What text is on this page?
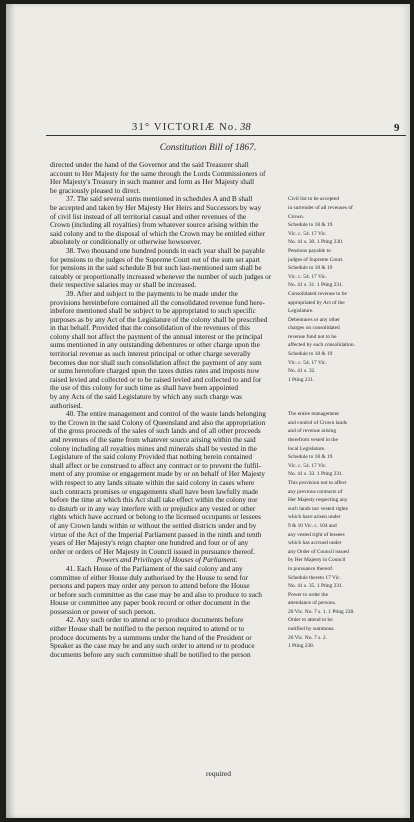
31° VICTORIÆ No. 38	9
Constitution Bill of 1867.
directed under the hand of the Governor and the said Treasurer shall
account to Her Majesty for the same through the Lords Commissioners of
Her Majesty's Treasury in such manner and form as Her Majesty shall
be graciously pleased to direct.
37. The said several sums mentioned in schedules A and B shall	Civil list to be accepted
be accepted and taken by Her Majesty Her Heirs and Successors by way	in surrender of all revenues of
of civil list instead of all territorial casual and other revenues of the	Crown.
Crown (including all royalties) from whatever source arising within the	Schedule to 18 & 19
said colony and to the disposal of which the Crown may be entitled either	Vic. c. 54. 17 Vic.
absolutely or conditionally or otherwise howsoever.	No. 41 s. 30. 1 Pting 230.
38. Two thousand one hundred pounds in each year shall be payable	Pensions payable to
for pensions to the judges of the Supreme Court out of the sum set apart	judges of Supreme Court.
for pensions in the said schedule B but such last-mentioned sum shall be	Schedule to 18 & 19
rateably or proportionally increased whenever the number of such judges or	Vic. c. 54. 17 Vic.
their respective salaries may or shall be increased.	No. 41 s. 31. 1 Pting 231.
39. After and subject to the payments to be made under the	Consolidated revenue to be
provisions hereinbefore contained all the consolidated revenue fund here-	appropriated by Act of the
inbefore mentioned shall be subject to be appropriated to such specific	Legislature.
purposes as by any Act of the Legislature of the colony shall be prescribed	Debentures or any other
in that behalf. Provided that the consolidation of the revenues of this	charges on consolidated
colony shall not affect the payment of the annual interest or the principal	revenue fund not to be
sums mentioned in any outstanding debentures or other charge upon the	affected by such consolidation.
territorial revenue as such interest principal or other charge severally	Schedule to 18 & 19
becomes due nor shall such consolidation affect the payment of any sum	Vic. c. 54. 17 Vic.
or sums heretofore charged upon the taxes duties rates and imposts now	No. 41 s. 32.
raised levied and collected or to be raised levied and collected to and for	1 Pting 231.
the use of this colony for such time as shall have been appointed
by any Acts of the said Legislature by which any such charge was
authorised.
40. The entire management and control of the waste lands belonging	The entire management
to the Crown in the said Colony of Queensland and also the appropriation	and control of Crown lands
of the gross proceeds of the sales of such lands and of all other proceeds	and of revenue arising
and revenues of the same from whatever source arising within the said	therefrom vested in the
colony including all royalties mines and minerals shall be vested in the	local Legislature.
Legislature of the said colony Provided that nothing herein contained	Schedule to 18 & 19
shall affect or be construed to affect any contract or to prevent the fulfil-	Vic. c. 54. 17 Vic.
ment of any promise or engagement made by or on behalf of Her Majesty	No. 41 s. 33. 1 Pting 231.
with respect to any lands situate within the said colony in cases where	This provision not to affect
such contracts promises or engagements shall have been lawfully made	any previous contracts of
before the time at which this Act shall take effect within the colony nor	Her Majesty respecting any
to disturb or in any way interfere with or prejudice any vested or other	such lands nor vested rights
rights which have accrued or belong to the licensed occupants or lessees	which have arisen under
of any Crown lands within or without the settled districts under and by	9 & 10 Vic. c. 104 and
virtue of the Act of the Imperial Parliament passed in the ninth and tenth	any vested right of lessees
years of Her Majesty's reign chapter one hundred and four or of any	which has accrued under
order or orders of Her Majesty in Council issued in pursuance thereof.	any Order of Council issued
Powers and Privileges of Houses of Parliament.	by Her Majesty in Council
41. Each House of the Parliament of the said colony and any	in pursuance thereof.
committee of either House duly authorised by the House to send for	Schedule thereto 17 Vic.
persons and papers may order any person to attend before the House	No. 41 s. 35. 1 Pting 231.
or before such committee as the case may be and also to produce to such	Power to order the
House or committee any paper book record or other document in the	attendance of persons.
possession or power of such person.	20 Vic. No. 7 s. 1. 1 Pting 238.
42. Any such order to attend or to produce documents before	Order to attend to be
either House shall be notified to the person required to attend or to	notified by summons.
produce documents by a summons under the hand of the President or	20 Vic. No. 7 s. 2.
Speaker as the case may be and any such order to attend or to produce	1 Pting 238.
documents before any such committee shall be notified to the person
required
